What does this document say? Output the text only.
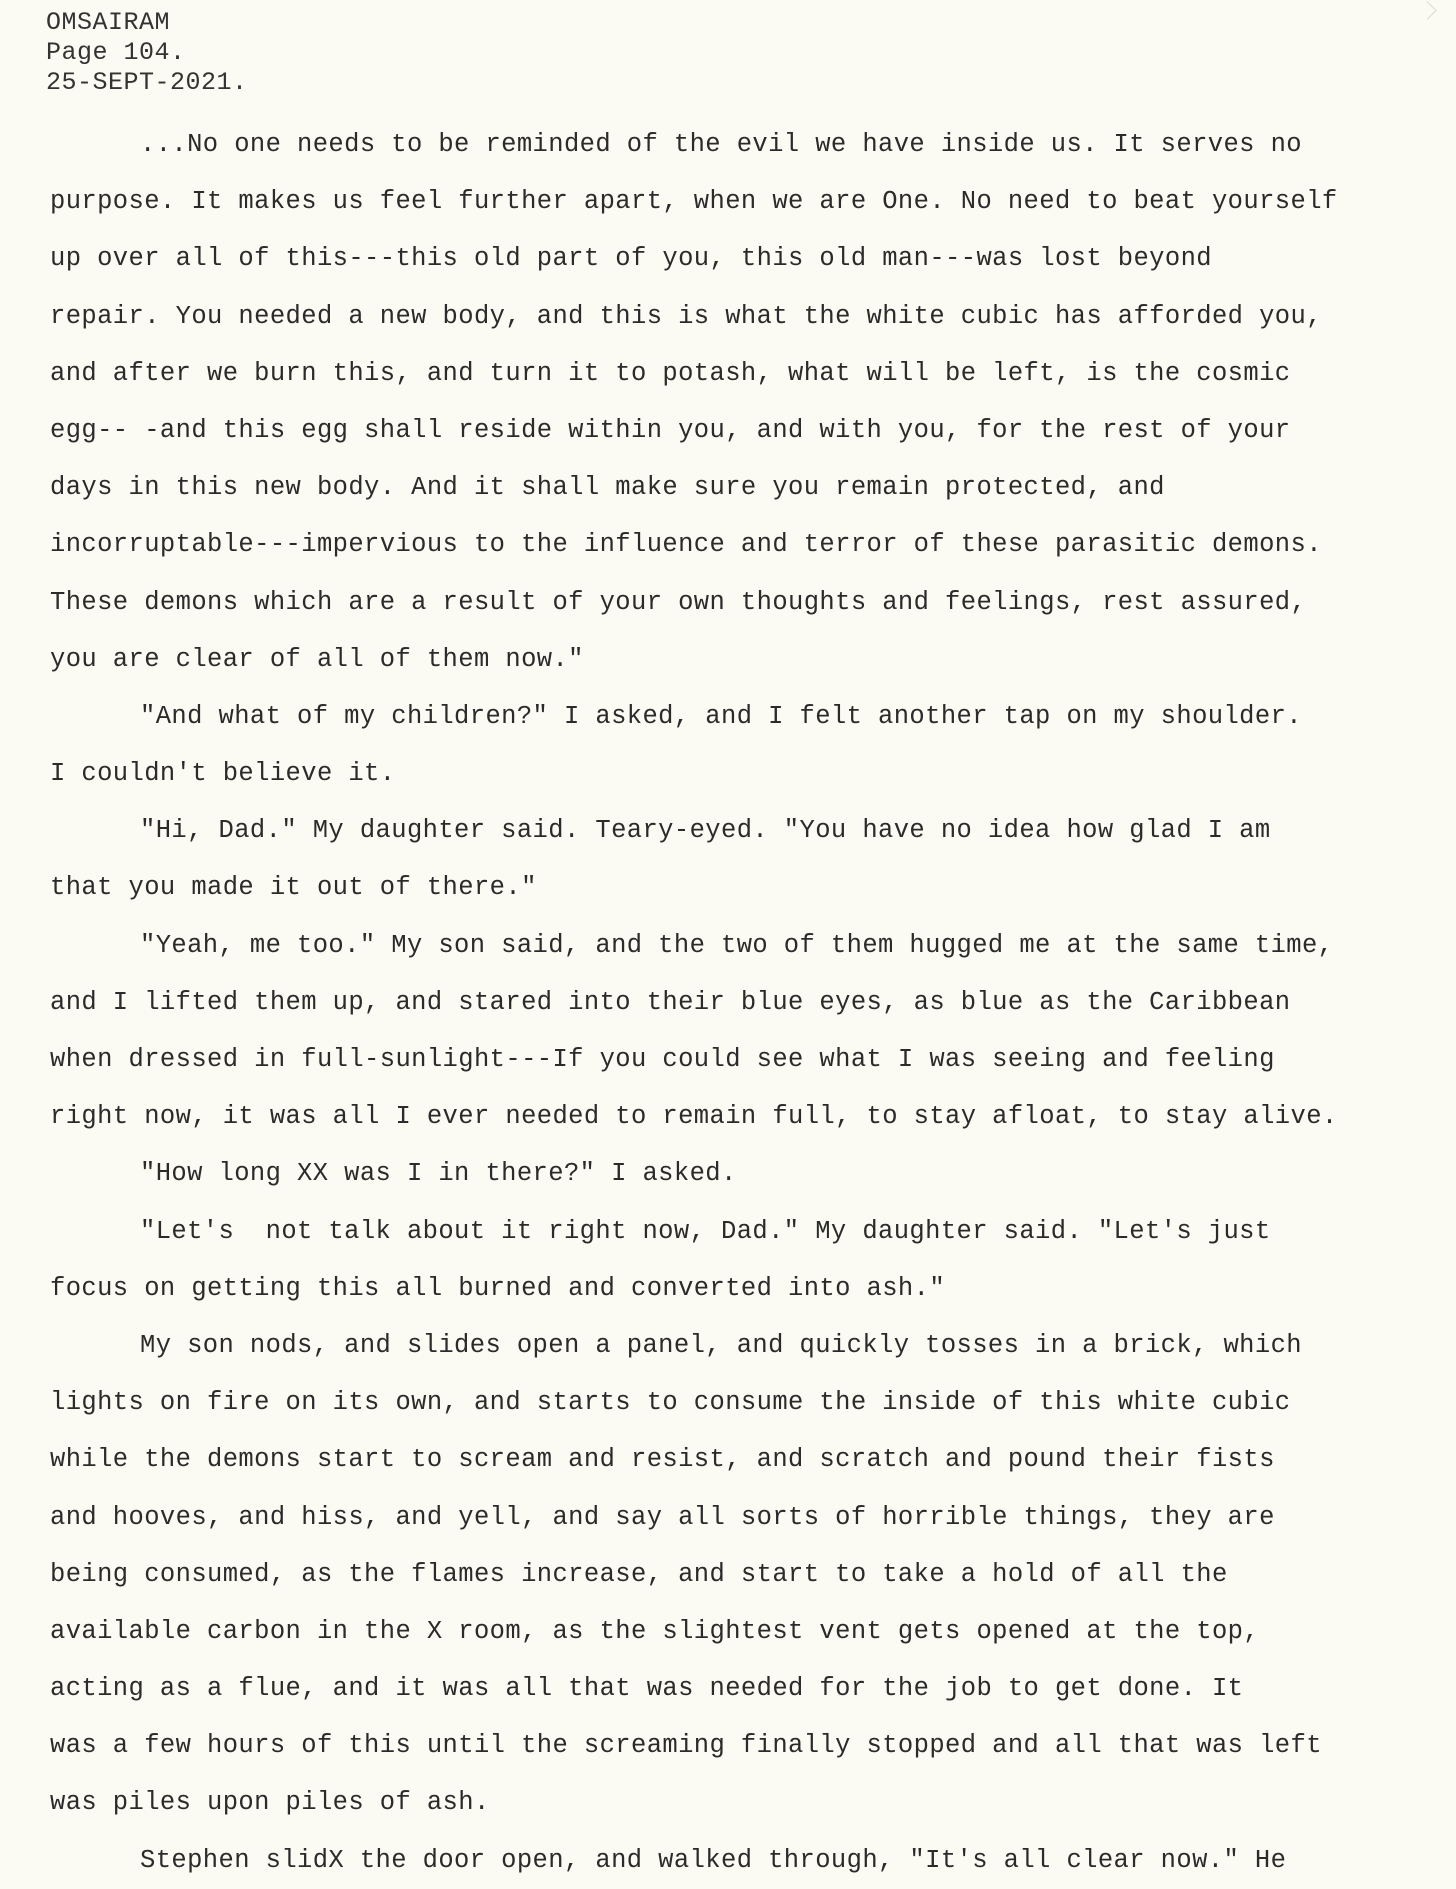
OMSAIRAM
Page 104.
25-SEPT-2021.
...No one needs to be reminded of the evil we have inside us. It serves no
purpose. It makes us feel further apart, when we are One. No need to beat yourself
up over all of this---this old part of you, this old man---was lost beyond
repair. You needed a new body, and this is what the white cubic has afforded you,
and after we burn this, and turn it to potash, what will be left, is the cosmic
egg-- -and this egg shall reside within you, and with you, for the rest of your
days in this new body. And it shall make sure you remain protected, and
incorruptable---impervious to the influence and terror of these parasitic demons.
These demons which are a result of your own thoughts and feelings, rest assured,
you are clear of all of them now."
"And what of my children?" I asked, and I felt another tap on my shoulder.
I couldn't believe it.
"Hi, Dad." My daughter said. Teary-eyed. "You have no idea how glad I am
that you made it out of there."
"Yeah, me too." My son said, and the two of them hugged me at the same time,
and I lifted them up, and stared into their blue eyes, as blue as the Caribbean
when dressed in full-sunlight---If you could see what I was seeing and feeling
right now, it was all I ever needed to remain full, to stay afloat, to stay alive.
"How long XX was I in there?" I asked.
"Let's  not talk about it right now, Dad." My daughter said. "Let's just
focus on getting this all burned and converted into ash."
My son nods, and slides open a panel, and quickly tosses in a brick, which
lights on fire on its own, and starts to consume the inside of this white cubic
while the demons start to scream and resist, and scratch and pound their fists
and hooves, and hiss, and yell, and say all sorts of horrible things, they are
being consumed, as the flames increase, and start to take a hold of all the
available carbon in the X room, as the slightest vent gets opened at the top,
acting as a flue, and it was all that was needed for the job to get done. It
was a few hours of this until the screaming finally stopped and all that was left
was piles upon piles of ash.
Stephen slidX the door open, and walked through, "It's all clear now." He
